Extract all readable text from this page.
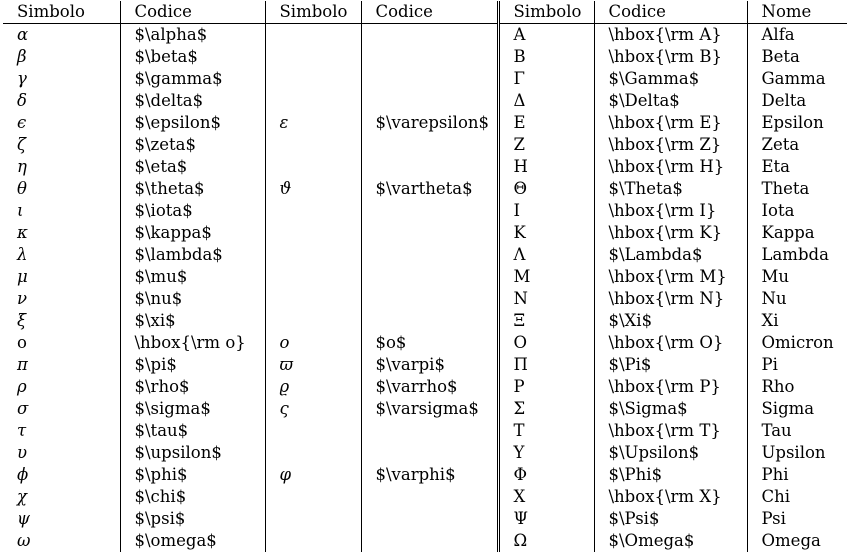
Simbolo	Codice	Simbolo	Codice	Simbolo	Codice	Nome
α	$\alpha$			A	\hbox{\rm A}	Alfa
β	$\beta$			B	\hbox{\rm B}	Beta
γ	$\gamma$			Γ	$\Gamma$	Gamma
δ	$\delta$			Δ	$\Delta$	Delta
ϵ	$\epsilon$	ε	$\varepsilon$	E	\hbox{\rm E}	Epsilon
ζ	$\zeta$			Z	\hbox{\rm Z}	Zeta
η	$\eta$			H	\hbox{\rm H}	Eta
θ	$\theta$	ϑ	$\vartheta$	Θ	$\Theta$	Theta
ι	$\iota$			I	\hbox{\rm I}	Iota
κ	$\kappa$			K	\hbox{\rm K}	Kappa
λ	$\lambda$			Λ	$\Lambda$	Lambda
μ	$\mu$			M	\hbox{\rm M}	Mu
ν	$\nu$			N	\hbox{\rm N}	Nu
ξ	$\xi$			Ξ	$\Xi$	Xi
o	\hbox{\rm o}	o	$o$	O	\hbox{\rm O}	Omicron
π	$\pi$	ϖ	$\varpi$	Π	$\Pi$	Pi
ρ	$\rho$	ϱ	$\varrho$	P	\hbox{\rm P}	Rho
σ	$\sigma$	ς	$\varsigma$	Σ	$\Sigma$	Sigma
τ	$\tau$			T	\hbox{\rm T}	Tau
υ	$\upsilon$			Υ	$\Upsilon$	Upsilon
ϕ	$\phi$	φ	$\varphi$	Φ	$\Phi$	Phi
χ	$\chi$			X	\hbox{\rm X}	Chi
ψ	$\psi$			Ψ	$\Psi$	Psi
ω	$\omega$			Ω	$\Omega$	Omega
